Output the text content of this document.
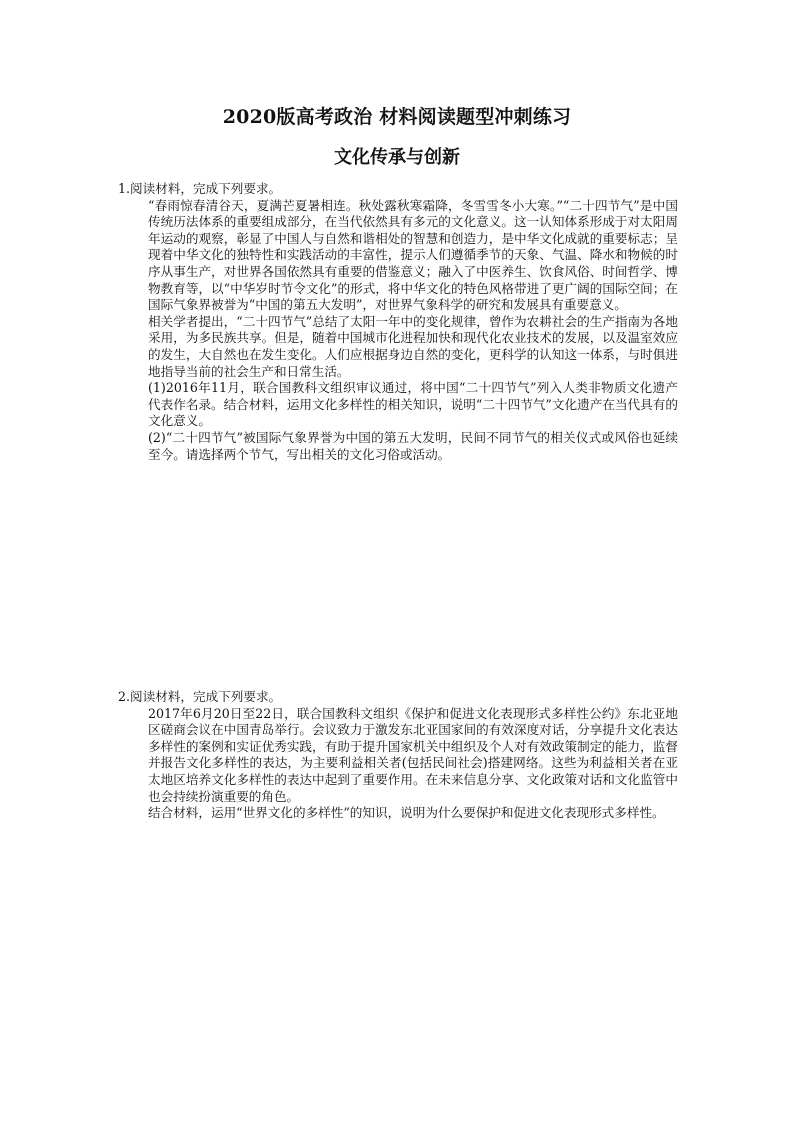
2020版高考政治 材料阅读题型冲刺练习
文化传承与创新

1.阅读材料，完成下列要求。

“春雨惊春清谷天，夏满芒夏暑相连。秋处露秋寒霜降，冬雪雪冬小大寒。”“二十四节气”是中国传统历法体系的重要组成部分，在当代依然具有多元的文化意义。这一认知体系形成于对太阳周年运动的观察，彰显了中国人与自然和谐相处的智慧和创造力，是中华文化成就的重要标志；呈现着中华文化的独特性和实践活动的丰富性，提示人们遵循季节的天象、气温、降水和物候的时序从事生产，对世界各国依然具有重要的借鉴意义；融入了中医养生、饮食风俗、时间哲学、博物教育等，以“中华岁时节令文化”的形式，将中华文化的特色风格带进了更广阔的国际空间；在国际气象界被誉为“中国的第五大发明”，对世界气象科学的研究和发展具有重要意义。

相关学者提出，“二十四节气”总结了太阳一年中的变化规律，曾作为农耕社会的生产指南为各地采用，为多民族共享。但是，随着中国城市化进程加快和现代化农业技术的发展，以及温室效应的发生，大自然也在发生变化。人们应根据身边自然的变化，更科学的认知这一体系，与时俱进地指导当前的社会生产和日常生活。

(1)2016年11月，联合国教科文组织审议通过，将中国“二十四节气”列入人类非物质文化遗产代表作名录。结合材料，运用文化多样性的相关知识，说明“二十四节气”文化遗产在当代具有的文化意义。

(2)“二十四节气”被国际气象界誉为中国的第五大发明，民间不同节气的相关仪式或风俗也延续至今。请选择两个节气，写出相关的文化习俗或活动。

2.阅读材料，完成下列要求。

2017年6月20日至22日，联合国教科文组织《保护和促进文化表现形式多样性公约》东北亚地区磋商会议在中国青岛举行。会议致力于激发东北亚国家间的有效深度对话，分享提升文化表达多样性的案例和实证优秀实践，有助于提升国家机关中组织及个人对有效政策制定的能力，监督并报告文化多样性的表达，为主要利益相关者(包括民间社会)搭建网络。这些为利益相关者在亚太地区培养文化多样性的表达中起到了重要作用。在未来信息分享、文化政策对话和文化监管中也会持续扮演重要的角色。

结合材料，运用“世界文化的多样性”的知识，说明为什么要保护和促进文化表现形式多样性。
